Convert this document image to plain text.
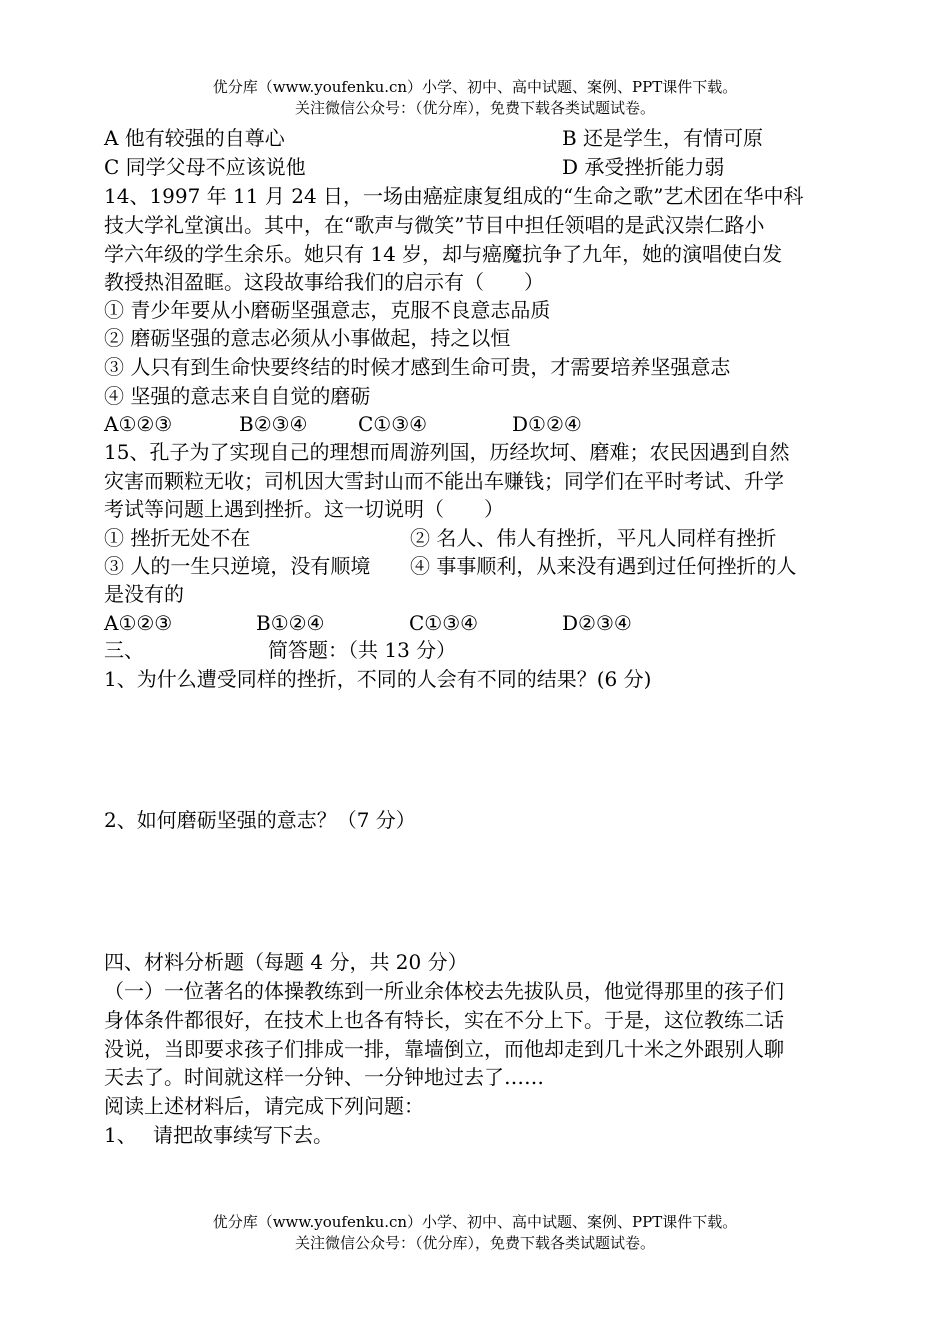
优分库（www.youfenku.cn）小学、初中、高中试题、案例、PPT课件下载。
关注微信公众号：（优分库），免费下载各类试题试卷。
A 他有较强的自尊心	B 还是学生，有情可原
C 同学父母不应该说他	D 承受挫折能力弱
14、1997 年 11 月 24 日，一场由癌症康复组成的“生命之歌”艺术团在华中科
技大学礼堂演出。其中，在“歌声与微笑”节目中担任领唱的是武汉崇仁路小
学六年级的学生余乐。她只有 14 岁，却与癌魔抗争了九年，她的演唱使白发
教授热泪盈眶。这段故事给我们的启示有（　　）
① 青少年要从小磨砺坚强意志，克服不良意志品质
② 磨砺坚强的意志必须从小事做起，持之以恒
③ 人只有到生命快要终结的时候才感到生命可贵，才需要培养坚强意志
④ 坚强的意志来自自觉的磨砺
A①②③	B②③④	C①③④	D①②④
15、孔子为了实现自己的理想而周游列国，历经坎坷、磨难；农民因遇到自然
灾害而颗粒无收；司机因大雪封山而不能出车赚钱；同学们在平时考试、升学
考试等问题上遇到挫折。这一切说明（　　）
① 挫折无处不在	② 名人、伟人有挫折，平凡人同样有挫折
③ 人的一生只逆境，没有顺境 ④ 事事顺利，从来没有遇到过任何挫折的人
是没有的
A①②③	B①②④	C①③④	D②③④
三、	简答题：（共 13 分）
1、为什么遭受同样的挫折，不同的人会有不同的结果？(6 分)
2、如何磨砺坚强的意志？（7 分）
四、材料分析题（每题 4 分，共 20 分）
（一）一位著名的体操教练到一所业余体校去先拔队员，他觉得那里的孩子们
身体条件都很好，在技术上也各有特长，实在不分上下。于是，这位教练二话
没说，当即要求孩子们排成一排，靠墙倒立，而他却走到几十米之外跟别人聊
天去了。时间就这样一分钟、一分钟地过去了……
阅读上述材料后，请完成下列问题：
1、 请把故事续写下去。
优分库（www.youfenku.cn）小学、初中、高中试题、案例、PPT课件下载。
关注微信公众号：（优分库），免费下载各类试题试卷。
